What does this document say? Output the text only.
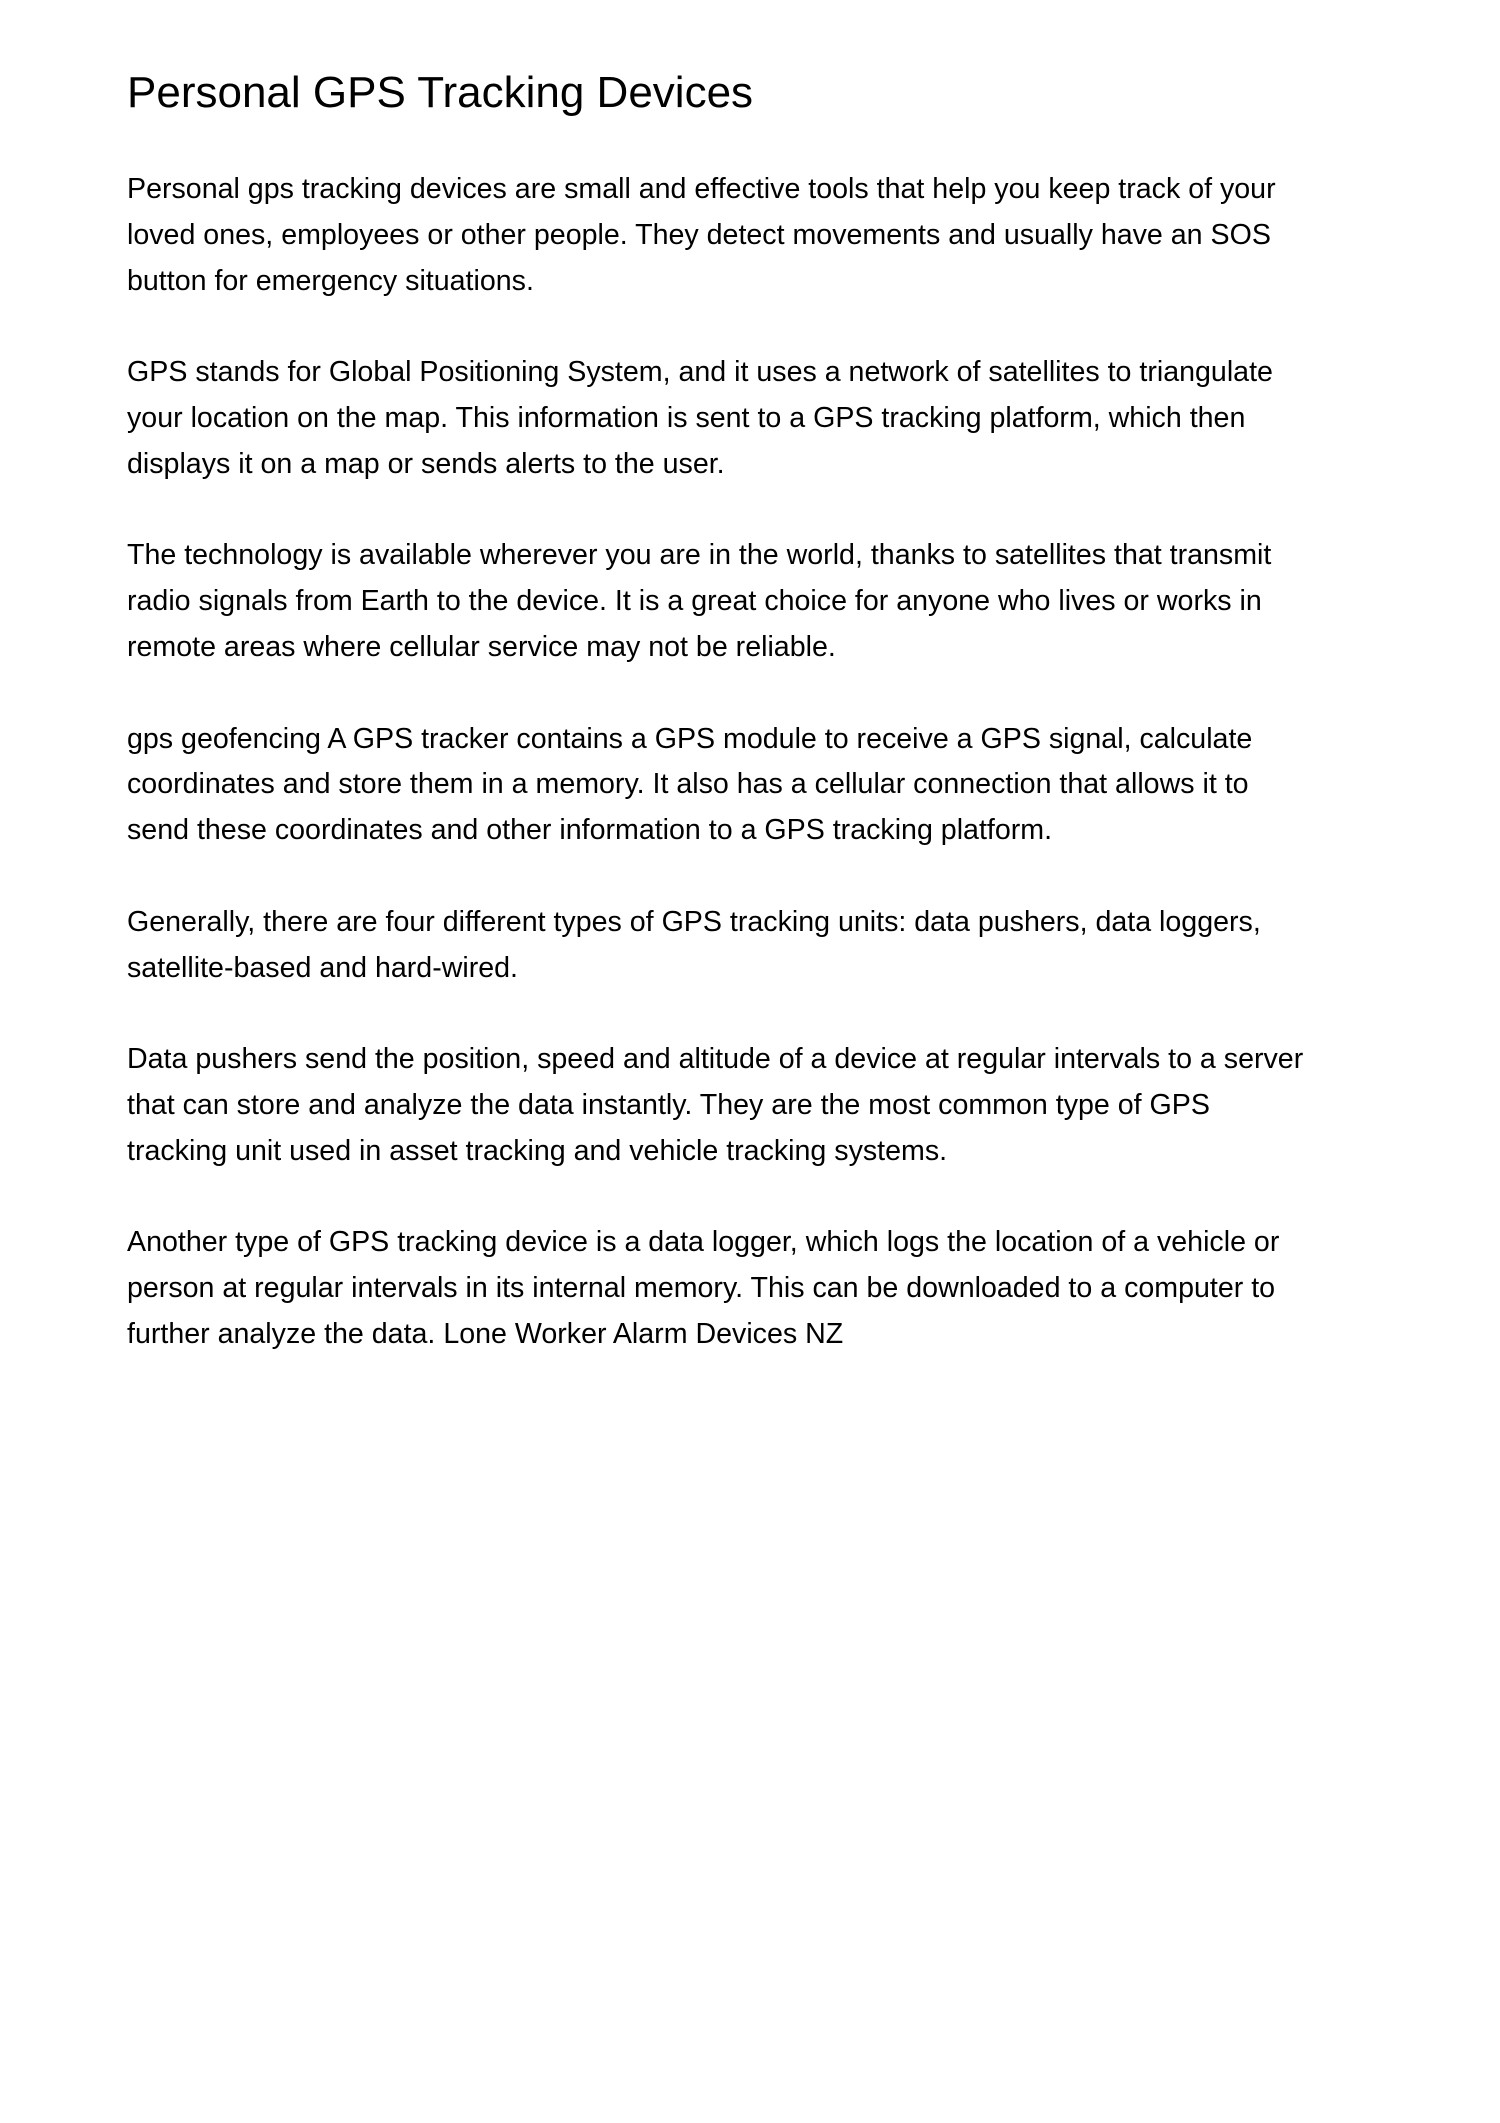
Personal GPS Tracking Devices

Personal gps tracking devices are small and effective tools that help you keep track of your
loved ones, employees or other people. They detect movements and usually have an SOS
button for emergency situations.

GPS stands for Global Positioning System, and it uses a network of satellites to triangulate
your location on the map. This information is sent to a GPS tracking platform, which then
displays it on a map or sends alerts to the user.

The technology is available wherever you are in the world, thanks to satellites that transmit
radio signals from Earth to the device. It is a great choice for anyone who lives or works in
remote areas where cellular service may not be reliable.

gps geofencing A GPS tracker contains a GPS module to receive a GPS signal, calculate
coordinates and store them in a memory. It also has a cellular connection that allows it to
send these coordinates and other information to a GPS tracking platform.

Generally, there are four different types of GPS tracking units: data pushers, data loggers,
satellite-based and hard-wired.

Data pushers send the position, speed and altitude of a device at regular intervals to a server
that can store and analyze the data instantly. They are the most common type of GPS
tracking unit used in asset tracking and vehicle tracking systems.

Another type of GPS tracking device is a data logger, which logs the location of a vehicle or
person at regular intervals in its internal memory. This can be downloaded to a computer to
further analyze the data. Lone Worker Alarm Devices NZ
